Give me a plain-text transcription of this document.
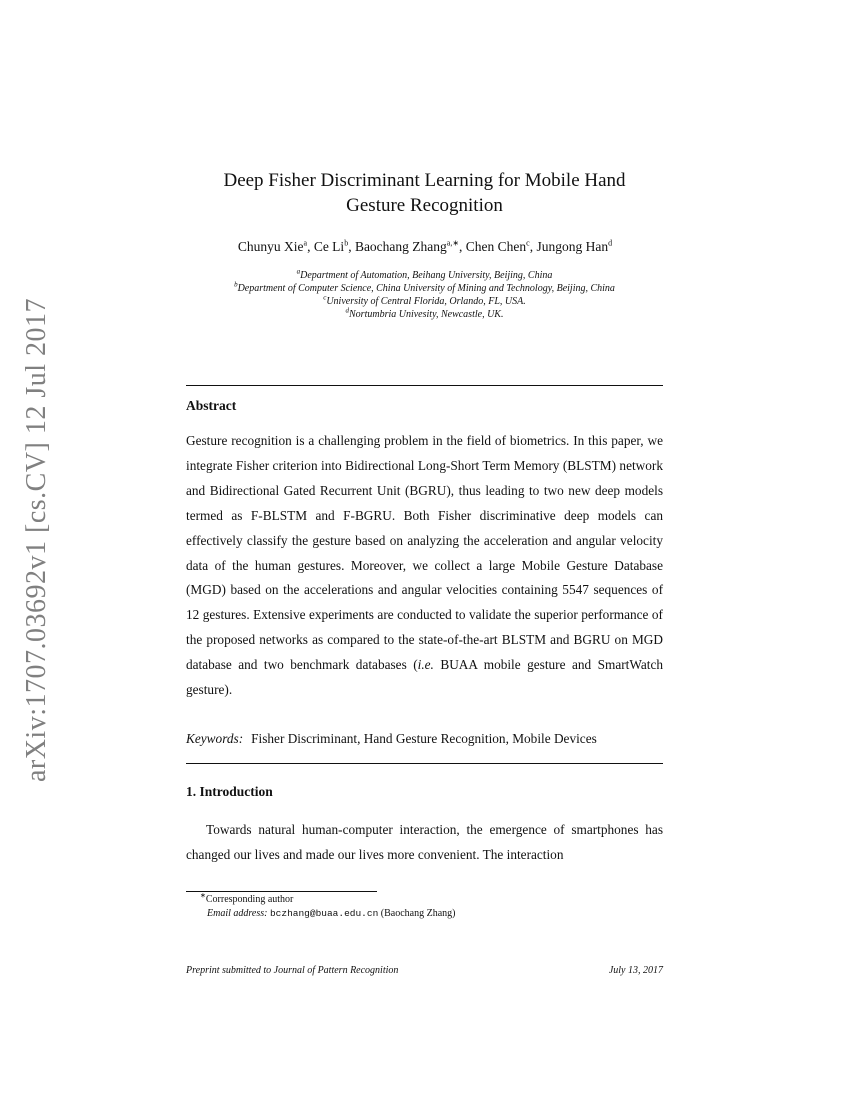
arXiv:1707.03692v1 [cs.CV] 12 Jul 2017
Deep Fisher Discriminant Learning for Mobile Hand
Gesture Recognition
Chunyu Xie$^a$, Ce Li$^b$, Baochang Zhang$^{a,∗}$, Chen Chen$^c$, Jungong Han$^d$
$^a$Department of Automation, Beihang University, Beijing, China
$^b$Department of Computer Science, China University of Mining and Technology, Beijing, China
$^c$University of Central Florida, Orlando, FL, USA.
$^d$Nortumbria Univesity, Newcastle, UK.
Abstract
Gesture recognition is a challenging problem in the field of biometrics. In this paper, we integrate Fisher criterion into Bidirectional Long-Short Term Memory (BLSTM) network and Bidirectional Gated Recurrent Unit (BGRU), thus leading to two new deep models termed as F-BLSTM and F-BGRU. Both Fisher discriminative deep models can effectively classify the gesture based on analyzing the acceleration and angular velocity data of the human gestures. Moreover, we collect a large Mobile Gesture Database (MGD) based on the accelerations and angular velocities containing 5547 sequences of 12 gestures. Extensive experiments are conducted to validate the superior performance of the proposed networks as compared to the state-of-the-art BLSTM and BGRU on MGD database and two benchmark databases (i.e. BUAA mobile gesture and SmartWatch gesture).
Keywords: Fisher Discriminant, Hand Gesture Recognition, Mobile Devices
1. Introduction
Towards natural human-computer interaction, the emergence of smartphones has changed our lives and made our lives more convenient. The interaction
∗Corresponding author
Email address: bczhang@buaa.edu.cn (Baochang Zhang)
Preprint submitted to Journal of Pattern Recognition	July 13, 2017
